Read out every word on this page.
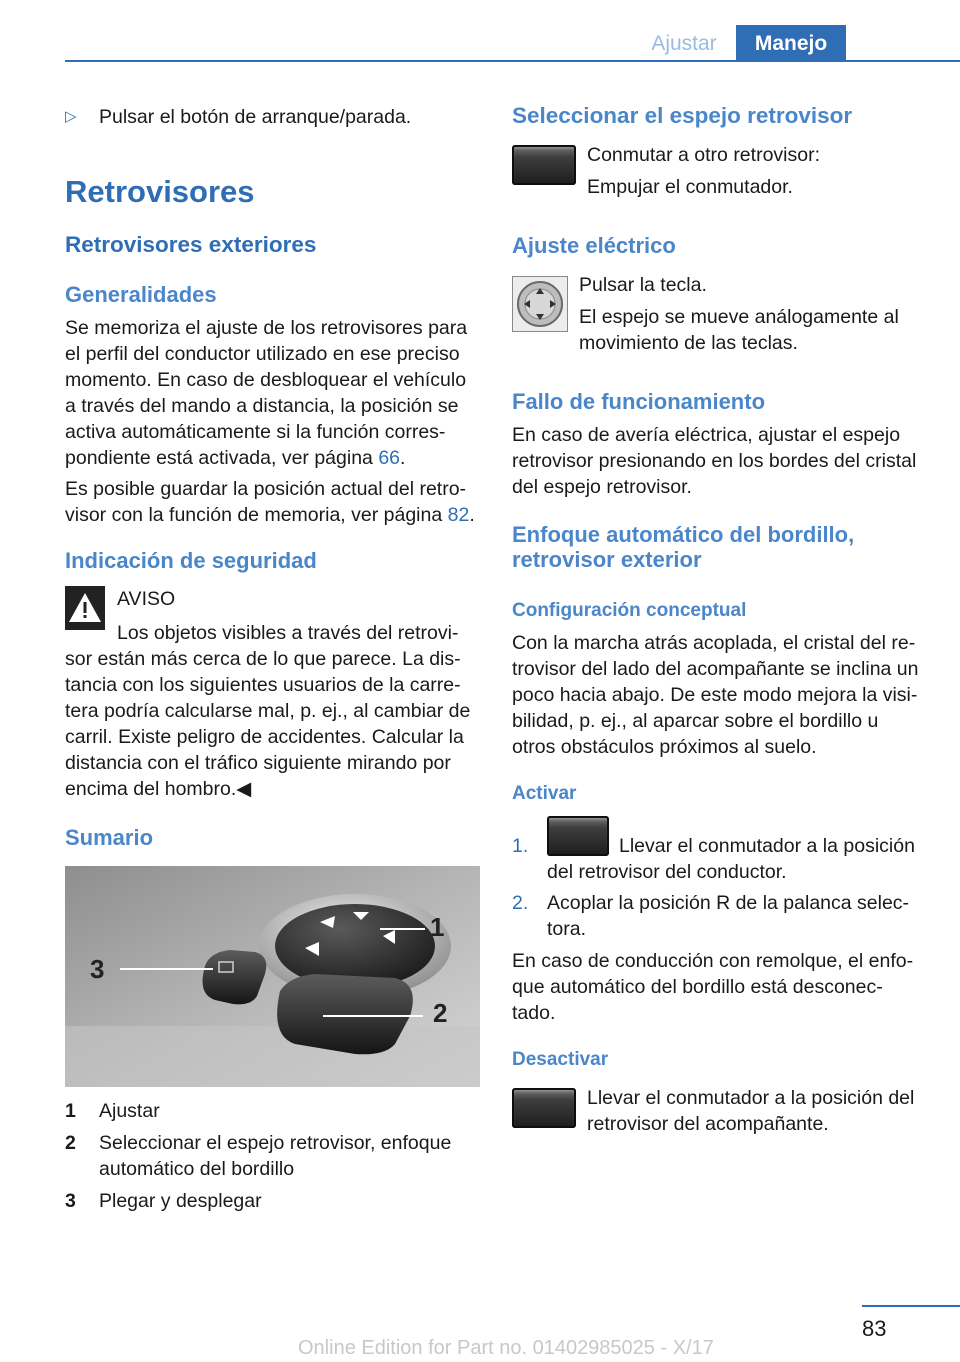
Ajustar	Manejo
▷ Pulsar el botón de arranque/parada.
Retrovisores
Retrovisores exteriores
Generalidades
Se memoriza el ajuste de los retrovisores para
el perfil del conductor utilizado en ese preciso
momento. En caso de desbloquear el vehículo
a través del mando a distancia, la posición se
activa automáticamente si la función corres‐
pondiente está activada, ver página 66.
Es posible guardar la posición actual del retro‐
visor con la función de memoria, ver página 82.
Indicación de seguridad
AVISO
Los objetos visibles a través del retrovi‐
sor están más cerca de lo que parece. La dis‐
tancia con los siguientes usuarios de la carre‐
tera podría calcularse mal, p. ej., al cambiar de
carril. Existe peligro de accidentes. Calcular la
distancia con el tráfico siguiente mirando por
encima del hombro.◀
Sumario
1
2
3
1 Ajustar
2 Seleccionar el espejo retrovisor, enfoque
automático del bordillo
3 Plegar y desplegar
Seleccionar el espejo retrovisor
Conmutar a otro retrovisor:
Empujar el conmutador.
Ajuste eléctrico
Pulsar la tecla.
El espejo se mueve análogamente al
movimiento de las teclas.
Fallo de funcionamiento
En caso de avería eléctrica, ajustar el espejo
retrovisor presionando en los bordes del cristal
del espejo retrovisor.
Enfoque automático del bordillo,
retrovisor exterior
Configuración conceptual
Con la marcha atrás acoplada, el cristal del re‐
trovisor del lado del acompañante se inclina un
poco hacia abajo. De este modo mejora la visi‐
bilidad, p. ej., al aparcar sobre el bordillo u
otros obstáculos próximos al suelo.
Activar
1.	Llevar el conmutador a la posición
del retrovisor del conductor.
2. Acoplar la posición R de la palanca selec‐
tora.
En caso de conducción con remolque, el enfo‐
que automático del bordillo está desconec‐
tado.
Desactivar
Llevar el conmutador a la posición del
retrovisor del acompañante.
83
Online Edition for Part no. 01402985025 - X/17
